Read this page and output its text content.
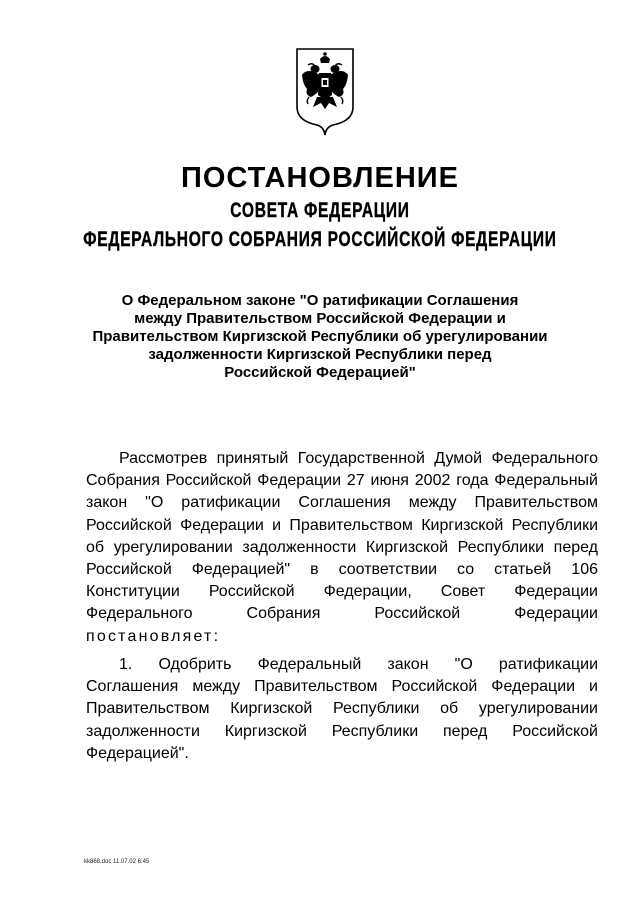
ПОСТАНОВЛЕНИЕ
СОВЕТА ФЕДЕРАЦИИ
ФЕДЕРАЛЬНОГО СОБРАНИЯ РОССИЙСКОЙ ФЕДЕРАЦИИ
О Федеральном законе "О ратификации Соглашения
между Правительством Российской Федерации и
Правительством Киргизской Республики об урегулировании
задолженности Киргизской Республики перед
Российской Федерацией"
Рассмотрев принятый Государственной Думой Федерального
Собрания Российской Федерации 27 июня 2002 года Федеральный
закон "О ратификации Соглашения между Правительством
Российской Федерации и Правительством Киргизской Республики
об урегулировании задолженности Киргизской Республики перед
Российской Федерацией" в соответствии со статьей 106
Конституции Российской Федерации, Совет Федерации
Федерального Собрания Российской Федерации
постановляет:
1. Одобрить Федеральный закон "О ратификации
Соглашения между Правительством Российской Федерации и
Правительством Киргизской Республики об урегулировании
задолженности Киргизской Республики перед Российской
Федерацией".
kk868.doc 11.07.02 6:45
